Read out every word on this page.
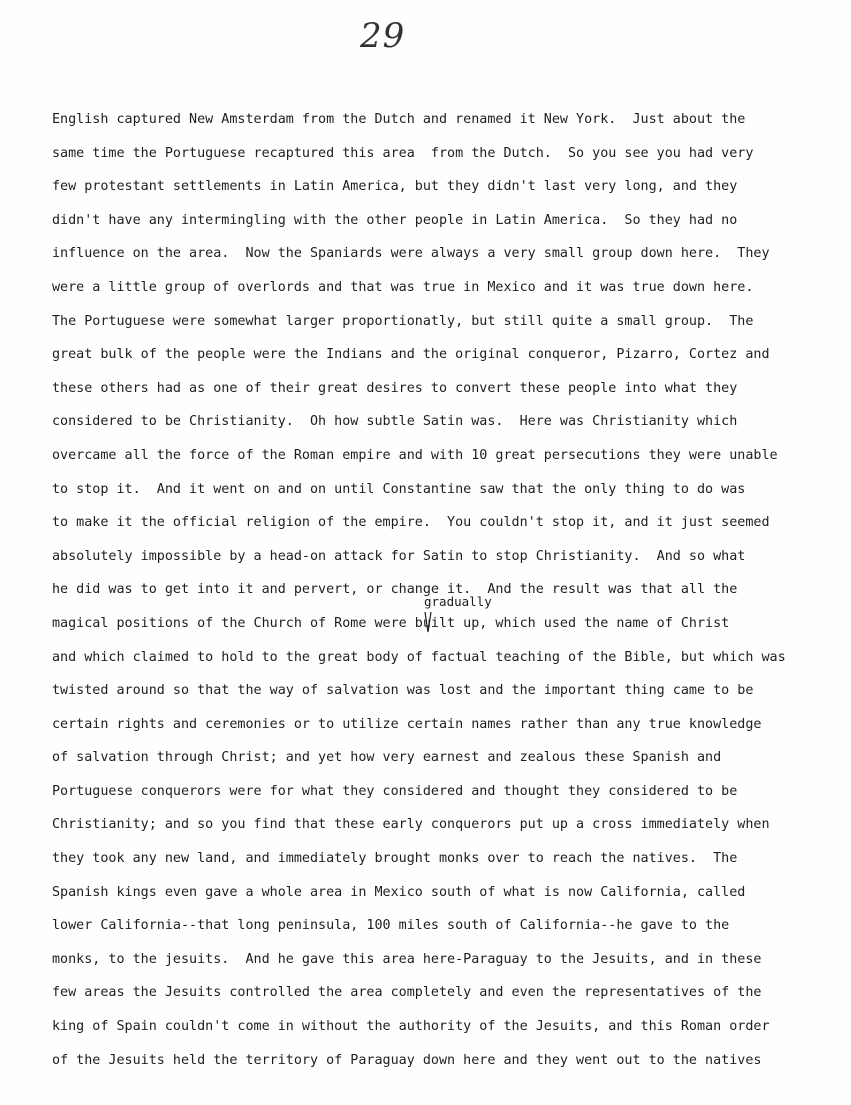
29
gradually
English captured New Amsterdam from the Dutch and renamed it New York.  Just about the
same time the Portuguese recaptured this area  from the Dutch.  So you see you had very
few protestant settlements in Latin America, but they didn't last very long, and they
didn't have any intermingling with the other people in Latin America.  So they had no
influence on the area.  Now the Spaniards were always a very small group down here.  They
were a little group of overlords and that was true in Mexico and it was true down here.
The Portuguese were somewhat larger proportionatly, but still quite a small group.  The
great bulk of the people were the Indians and the original conqueror, Pizarro, Cortez and
these others had as one of their great desires to convert these people into what they
considered to be Christianity.  Oh how subtle Satin was.  Here was Christianity which
overcame all the force of the Roman empire and with 10 great persecutions they were unable
to stop it.  And it went on and on until Constantine saw that the only thing to do was
to make it the official religion of the empire.  You couldn't stop it, and it just seemed
absolutely impossible by a head-on attack for Satin to stop Christianity.  And so what
he did was to get into it and pervert, or change it.  And the result was that all the
magical positions of the Church of Rome were built up, which used the name of Christ
and which claimed to hold to the great body of factual teaching of the Bible, but which was
twisted around so that the way of salvation was lost and the important thing came to be
certain rights and ceremonies or to utilize certain names rather than any true knowledge
of salvation through Christ; and yet how very earnest and zealous these Spanish and
Portuguese conquerors were for what they considered and thought they considered to be
Christianity; and so you find that these early conquerors put up a cross immediately when
they took any new land, and immediately brought monks over to reach the natives.  The
Spanish kings even gave a whole area in Mexico south of what is now California, called
lower California--that long peninsula, 100 miles south of California--he gave to the
monks, to the jesuits.  And he gave this area here-Paraguay to the Jesuits, and in these
few areas the Jesuits controlled the area completely and even the representatives of the
king of Spain couldn't come in without the authority of the Jesuits, and this Roman order
of the Jesuits held the territory of Paraguay down here and they went out to the natives
